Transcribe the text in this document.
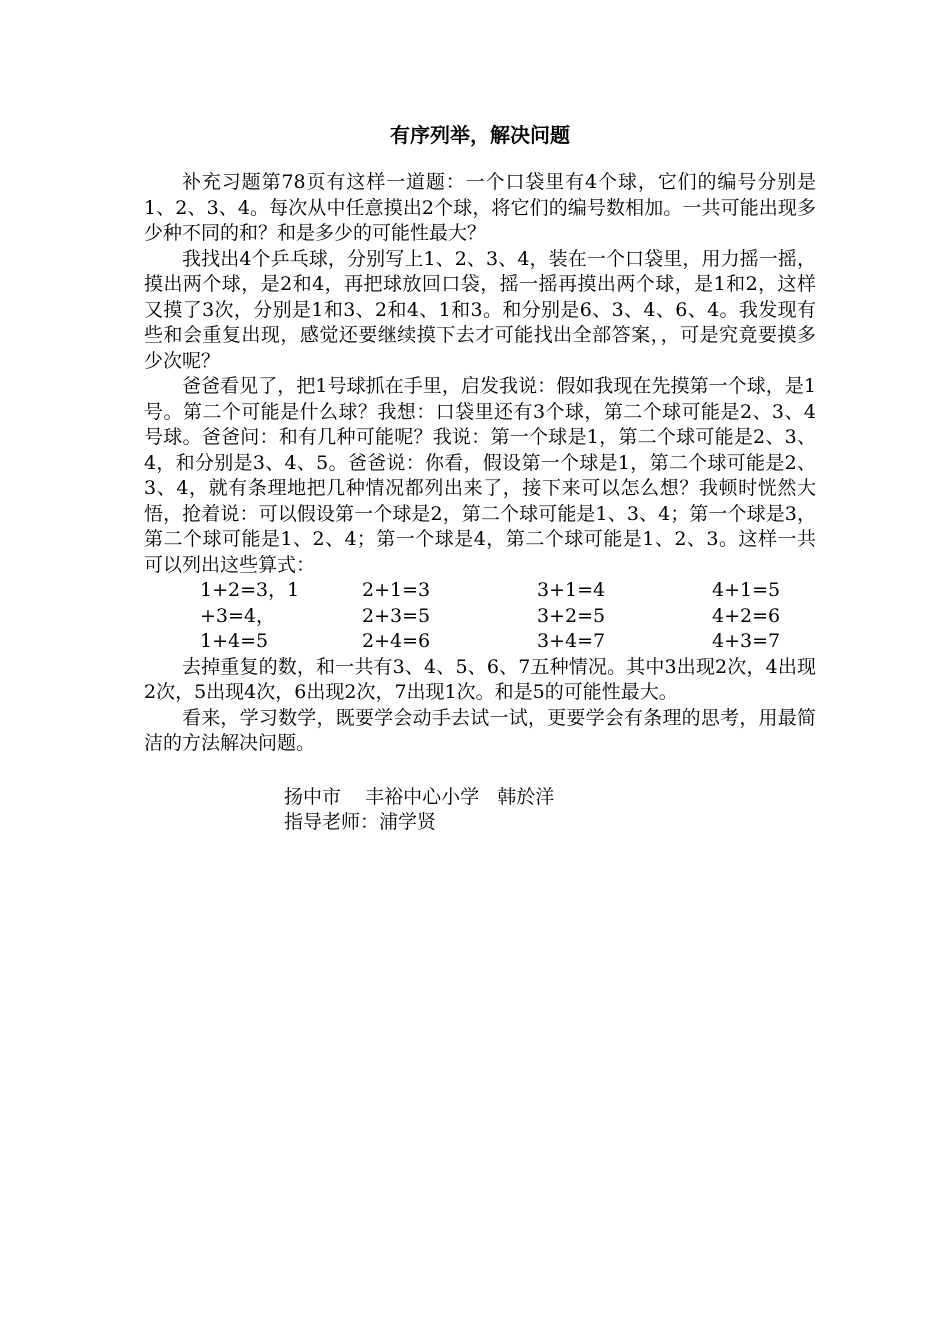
有序列举，解决问题

补充习题第78页有这样一道题：一个口袋里有4个球，它们的编号分别是1、2、3、4。每次从中任意摸出2个球，将它们的编号数相加。一共可能出现多少种不同的和？和是多少的可能性最大？

我找出4个乒乓球，分别写上1、2、3、4，装在一个口袋里，用力摇一摇，摸出两个球，是2和4，再把球放回口袋，摇一摇再摸出两个球，是1和2，这样又摸了3次，分别是1和3、2和4、1和3。和分别是6、3、4、6、4。我发现有些和会重复出现，感觉还要继续摸下去才可能找出全部答案，，可是究竟要摸多少次呢？

爸爸看见了，把1号球抓在手里，启发我说：假如我现在先摸第一个球，是1号。第二个可能是什么球？我想：口袋里还有3个球，第二个球可能是2、3、4号球。爸爸问：和有几种可能呢？我说：第一个球是1，第二个球可能是2、3、4，和分别是3、4、5。爸爸说：你看，假设第一个球是1，第二个球可能是2、3、4，就有条理地把几种情况都列出来了，接下来可以怎么想？我顿时恍然大悟，抢着说：可以假设第一个球是2，第二个球可能是1、3、4；第一个球是3，第二个球可能是1、2、4；第一个球是4，第二个球可能是1、2、3。这样一共可以列出这些算式：

1+2=3，1	2+1=3	3+1=4	4+1=5
+3=4，	2+3=5	3+2=5	4+2=6
1+4=5	2+4=6	3+4=7	4+3=7

去掉重复的数，和一共有3、4、5、6、7五种情况。其中3出现2次，4出现2次，5出现4次，6出现2次，7出现1次。和是5的可能性最大。

看来，学习数学，既要学会动手去试一试，更要学会有条理的思考，用最简洁的方法解决问题。

扬中市    丰裕中心小学   韩於洋
指导老师：浦学贤
